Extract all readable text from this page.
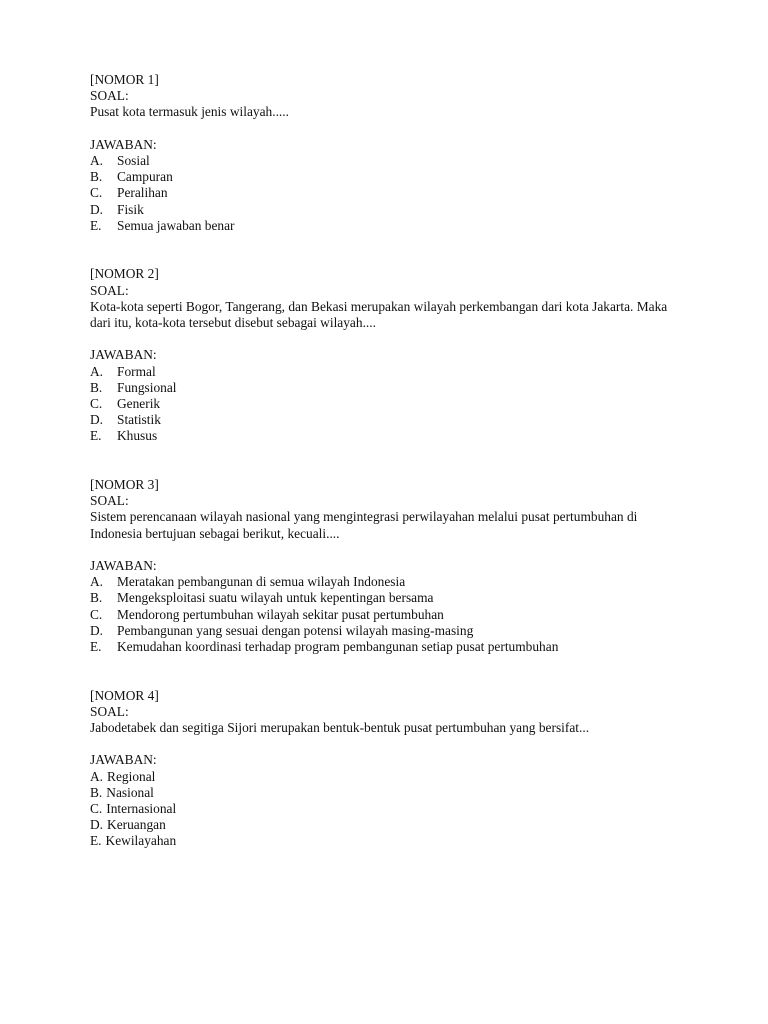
[NOMOR 1]

SOAL:

Pusat kota termasuk jenis wilayah.....

JAWABAN:

A.	Sosial
B.	Campuran
C.	Peralihan
D.	Fisik
E.	Semua jawaban benar

[NOMOR 2]

SOAL:

Kota-kota seperti Bogor, Tangerang, dan Bekasi merupakan wilayah perkembangan dari kota Jakarta. Maka dari itu, kota-kota tersebut disebut sebagai wilayah....

JAWABAN:

A.	Formal
B.	Fungsional
C.	Generik
D.	Statistik
E.	Khusus

[NOMOR 3]

SOAL:

Sistem perencanaan wilayah nasional yang mengintegrasi perwilayahan melalui pusat pertumbuhan di Indonesia bertujuan sebagai berikut, kecuali....

JAWABAN:

A.	Meratakan pembangunan di semua wilayah Indonesia
B.	Mengeksploitasi suatu wilayah untuk kepentingan bersama
C.	Mendorong pertumbuhan wilayah sekitar pusat pertumbuhan
D.	Pembangunan yang sesuai dengan potensi wilayah masing-masing
E.	Kemudahan koordinasi terhadap program pembangunan setiap pusat pertumbuhan

[NOMOR 4]

SOAL:

Jabodetabek dan segitiga Sijori merupakan bentuk-bentuk pusat pertumbuhan yang bersifat...

JAWABAN:

A. Regional
B. Nasional
C. Internasional
D. Keruangan
E. Kewilayahan
